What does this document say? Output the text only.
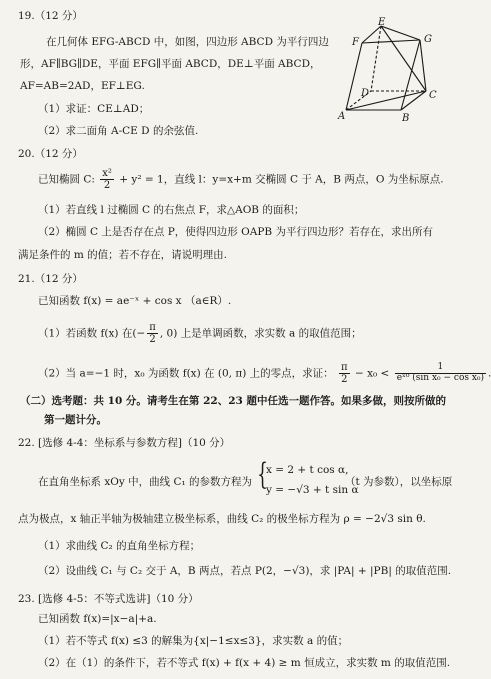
19.（12 分）
在几何体 EFG-ABCD 中，如图，四边形 ABCD 为平行四边
形，AF∥BG∥DE，平面 EFG∥平面 ABCD，DE⊥平面 ABCD，
AF=AB=2AD，EF⊥EG.
（1）求证：CE⊥AD；
（2）求二面角 A-CE D 的余弦值.
E
F	G
D	C
A	B
20.（12 分）
已知椭圆 C: $\frac{\text{x²}}{2} + y^2 = 1$，直线 l：y=x+m 交椭圆 C 于 A，B 两点，O 为坐标原点.
（1）若直线 l 过椭圆 C 的右焦点 F，求△AOB 的面积；
（2）椭圆 C 上是否存在点 P，使得四边形 OAPB 为平行四边形？若存在，求出所有
满足条件的 m 的值；若不存在，请说明理由.
21.（12 分）
已知函数 f(x) = ae⁻ˣ + cos x （a∈R）.
（1）若函数 f(x) 在(− $\frac{\pi}{2}$ , 0) 上是单调函数，求实数 a 的取值范围；
（2）当 a=−1 时，x₀ 为函数 f(x) 在 (0, π) 上的零点，求证： $\frac{\pi}{2} - x_0 < \frac{1}{\text{eˣ⁰ (sin x₀ − cos x₀)}}$
（二）选考题：共 10 分。请考生在第 22、23 题中任选一题作答。如果多做，则按所做的
第一题计分。
22. [选修 4-4：坐标系与参数方程]（10 分）
在直角坐标系 xOy 中，曲线 C₁ 的参数方程为 {
x = 2 + t cos α,
y = −√3 + t sin α
（t 为参数），以坐标原
点为极点，x 轴正半轴为极轴建立极坐标系，曲线 C₂ 的极坐标方程为 ρ = −2√3 sin θ.
（1）求曲线 C₂ 的直角坐标方程；
（2）设曲线 C₁ 与 C₂ 交于 A，B 两点，若点 P(2，−√3)，求 |PA| + |PB| 的取值范围.
23. [选修 4-5：不等式选讲]（10 分）
已知函数 f(x)=|x−a|+a.
（1）若不等式 f(x) ≤3 的解集为{x|−1≤x≤3}，求实数 a 的值；
（2）在（1）的条件下，若不等式 f(x) + f(x + 4) ≥ m 恒成立，求实数 m 的取值范围.
